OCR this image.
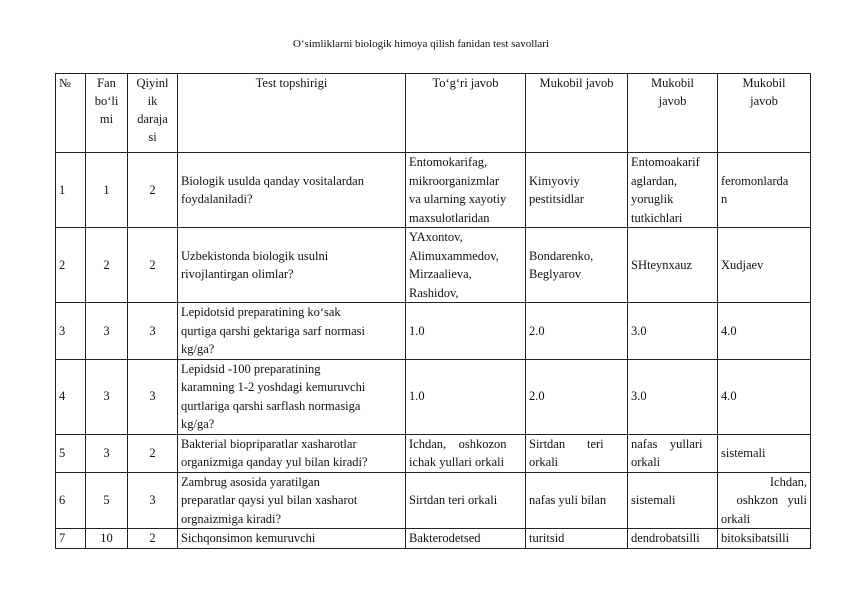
O‘simliklarni biologik himoya qilish fanidan test savollari
№	Fan
bo‘li
mi	Qiyinl
ik
daraja
si	Test topshirigi	To‘g‘ri javob	Mukobil javob	Mukobil
javob	Mukobil
javob

1	1	2	Biologik usulda qanday vositalardan
foydalaniladi?	Entomokarifag,
mikroorganizmlar
va ularning xayotiy
maxsulotlaridan	Kimyoviy
pestitsidlar	Entomoakarif
aglardan,
yoruglik
tutkichlari	feromonlarda
n

2	2	2	Uzbekistonda biologik usulni
rivojlantirgan olimlar?	YAxontov,
Alimuxammedov,
Mirzaalieva,
Rashidov,	Bondarenko,
Beglyarov	SHteynxauz	Xudjaev

3	3	3	Lepidotsid preparatining ko‘sak
qurtiga qarshi gektariga sarf normasi
kg/ga?	1.0	2.0	3.0	4.0

4	3	3	Lepidsid -100 preparatining
karamning 1-2 yoshdagi kemuruvchi
qurtlariga qarshi sarflash normasiga
kg/ga?	1.0	2.0	3.0	4.0

5	3	2	Bakterial biopriparatlar xasharotlar
organizmiga qanday yul bilan kiradi?	Ichdan,    oshkozon
ichak yullari orkali	Sirtdan       teri
orkali	nafas    yullari
orkali	sistemali

6	5	3	Zambrug asosida yaratilgan
preparatlar qaysi yul bilan xasharot
orgnaizmiga kiradi?	Sirtdan teri orkali	nafas yuli bilan	sistemali	Ichdan,
oshkzon   yuli
orkali

7	10	2	Sichqonsimon kemuruvchi	Bakterodetsed	turitsid	dendrobatsilli	bitoksibatsilli
